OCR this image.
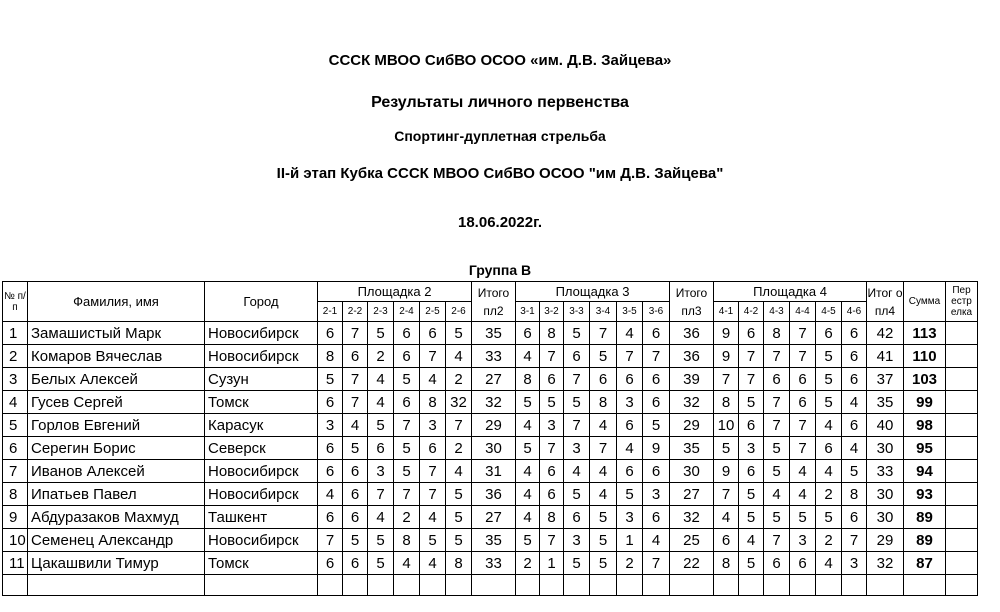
СССК МВОО СибВО ОСОО «им. Д.В. Зайцева»
Результаты личного первенства
Спортинг-дуплетная стрельба
II-й этап Кубка СССК МВОО СибВО ОСОО "им Д.В. Зайцева"
18.06.2022г.
Группа В
№ п/п	Фамилия, имя	Город	Площадка 2						Итого пл2	Площадка 3						Итого пл3	Площадка 4						Итог о пл4	Сумма	Пер естр елка
			2-1	2-2	2-3	2-4	2-5	2-6		3-1	3-2	3-3	3-4	3-5	3-6		4-1	4-2	4-3	4-4	4-5	4-6			
1	Замашистый Марк	Новосибирск	6	7	5	6	6	5	35	6	8	5	7	4	6	36	9	6	8	7	6	6	42	113	
2	Комаров Вячеслав	Новосибирск	8	6	2	6	7	4	33	4	7	6	5	7	7	36	9	7	7	7	5	6	41	110	
3	Белых Алексей	Сузун	5	7	4	5	4	2	27	8	6	7	6	6	6	39	7	7	6	6	5	6	37	103	
4	Гусев Сергей	Томск	6	7	4	6	8	32	32	5	5	5	8	3	6	32	8	5	7	6	5	4	35	99	
5	Горлов Евгений	Карасук	3	4	5	7	3	7	29	4	3	7	4	6	5	29	10	6	7	7	4	6	40	98	
6	Серегин Борис	Северск	6	5	6	5	6	2	30	5	7	3	7	4	9	35	5	3	5	7	6	4	30	95	
7	Иванов Алексей	Новосибирск	6	6	3	5	7	4	31	4	6	4	4	6	6	30	9	6	5	4	4	5	33	94	
8	Ипатьев Павел	Новосибирск	4	6	7	7	7	5	36	4	6	5	4	5	3	27	7	5	4	4	2	8	30	93	
9	Абдуразаков Махмуд	Ташкент	6	6	4	2	4	5	27	4	8	6	5	3	6	32	4	5	5	5	5	6	30	89	
10	Семенец Александр	Новосибирск	7	5	5	8	5	5	35	5	7	3	5	1	4	25	6	4	7	3	2	7	29	89	
11	Цакашвили Тимур	Томск	6	6	5	4	4	8	33	2	1	5	5	2	7	22	8	5	6	6	4	3	32	87	
